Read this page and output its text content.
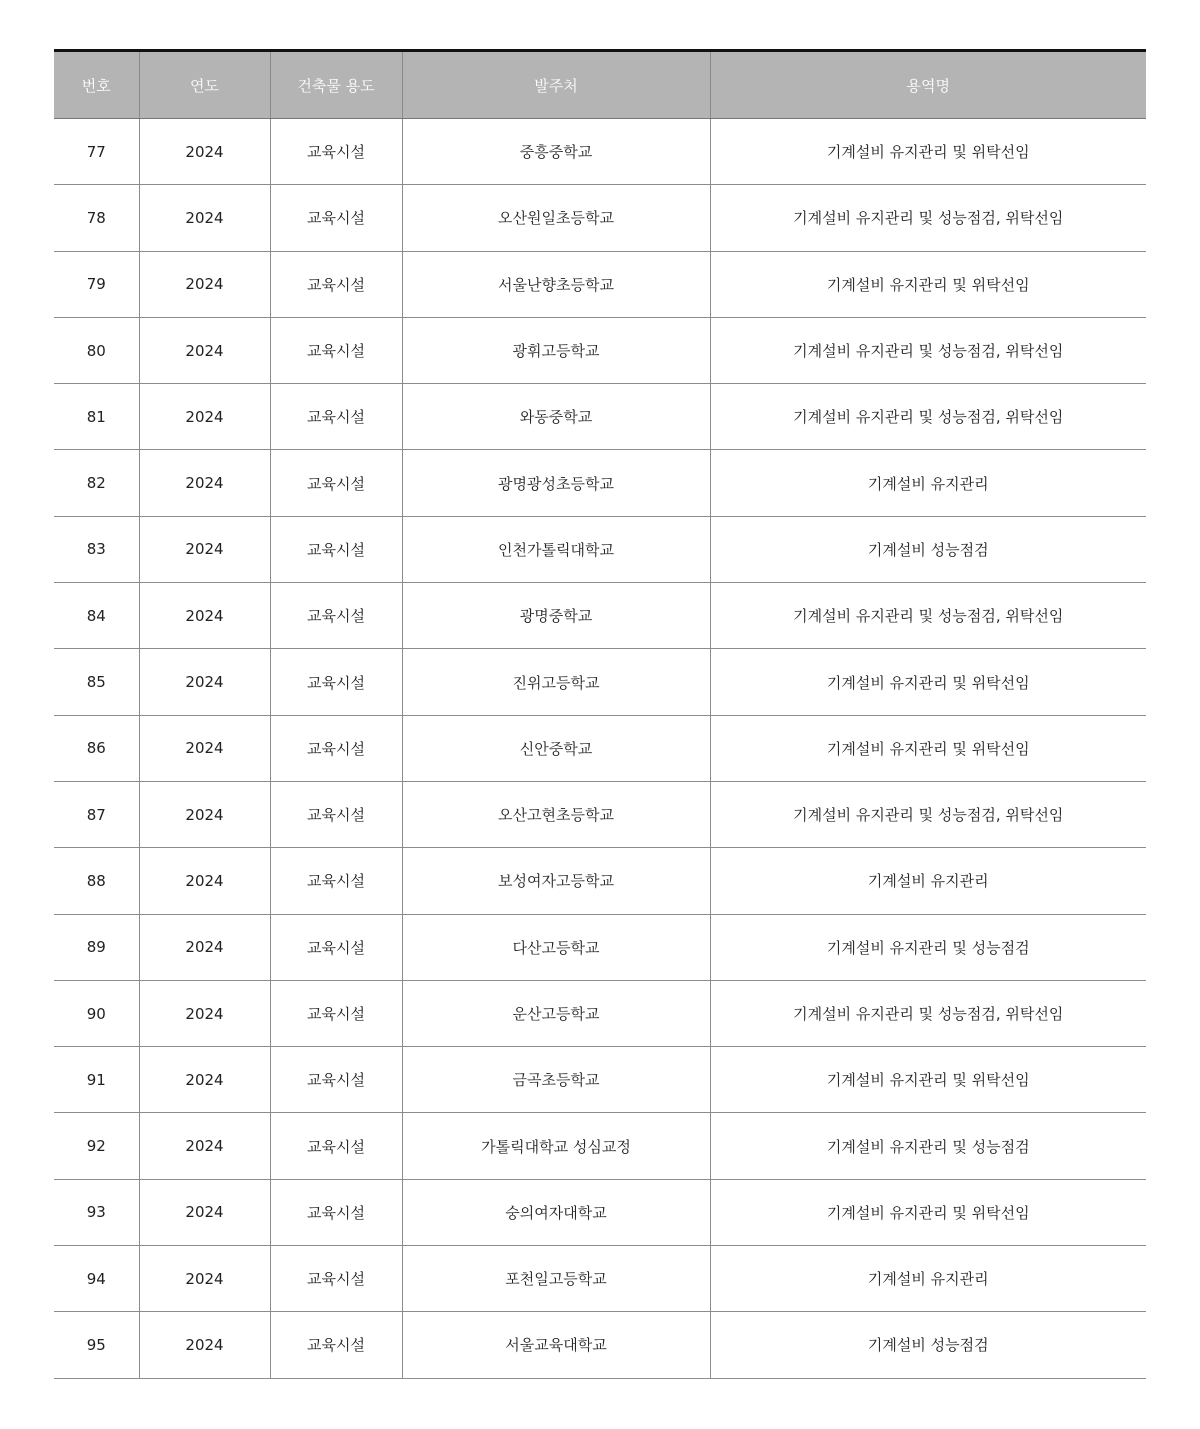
번호	연도	건축물 용도	발주처	용역명
77	2024	교육시설	중흥중학교	기계설비 유지관리 및 위탁선임
78	2024	교육시설	오산원일초등학교	기계설비 유지관리 및 성능점검, 위탁선임
79	2024	교육시설	서울난향초등학교	기계설비 유지관리 및 위탁선임
80	2024	교육시설	광휘고등학교	기계설비 유지관리 및 성능점검, 위탁선임
81	2024	교육시설	와동중학교	기계설비 유지관리 및 성능점검, 위탁선임
82	2024	교육시설	광명광성초등학교	기계설비 유지관리
83	2024	교육시설	인천가톨릭대학교	기계설비 성능점검
84	2024	교육시설	광명중학교	기계설비 유지관리 및 성능점검, 위탁선임
85	2024	교육시설	진위고등학교	기계설비 유지관리 및 위탁선임
86	2024	교육시설	신안중학교	기계설비 유지관리 및 위탁선임
87	2024	교육시설	오산고현초등학교	기계설비 유지관리 및 성능점검, 위탁선임
88	2024	교육시설	보성여자고등학교	기계설비 유지관리
89	2024	교육시설	다산고등학교	기계설비 유지관리 및 성능점검
90	2024	교육시설	운산고등학교	기계설비 유지관리 및 성능점검, 위탁선임
91	2024	교육시설	금곡초등학교	기계설비 유지관리 및 위탁선임
92	2024	교육시설	가톨릭대학교 성심교정	기계설비 유지관리 및 성능점검
93	2024	교육시설	숭의여자대학교	기계설비 유지관리 및 위탁선임
94	2024	교육시설	포천일고등학교	기계설비 유지관리
95	2024	교육시설	서울교육대학교	기계설비 성능점검
